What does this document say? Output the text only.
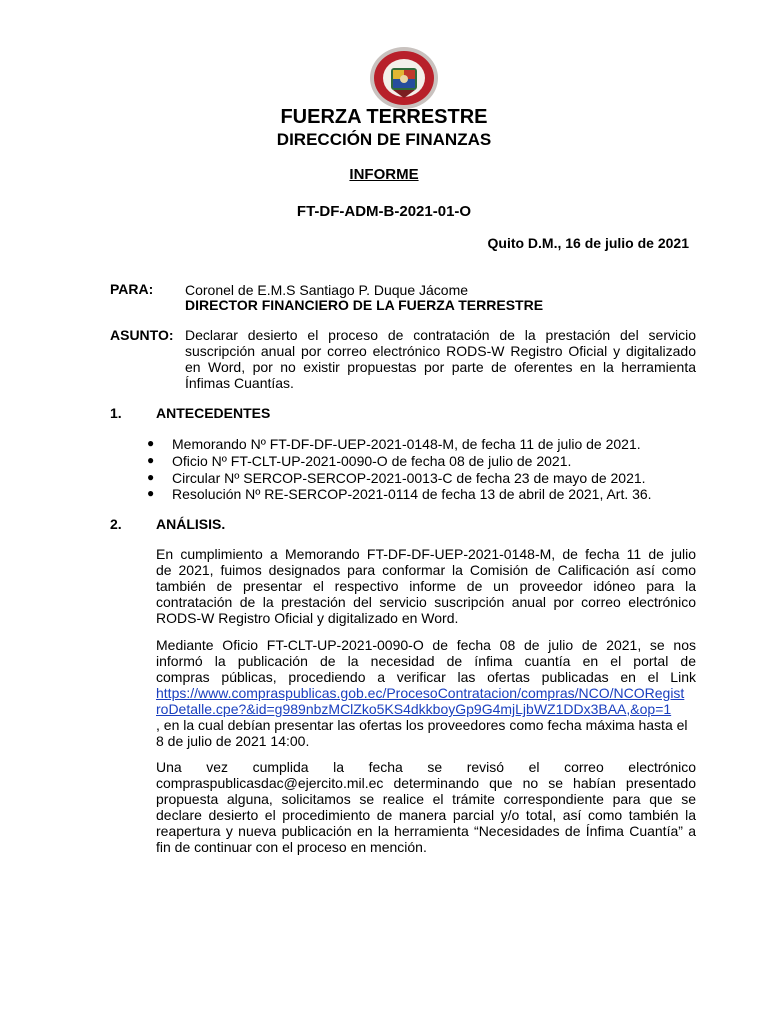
FUERZA TERRESTRE
DIRECCIÓN DE FINANZAS
INFORME
FT-DF-ADM-B-2021-01-O
Quito D.M., 16 de julio de 2021
PARA: Coronel de E.M.S Santiago P. Duque Jácome
DIRECTOR FINANCIERO DE LA FUERZA TERRESTRE
ASUNTO: Declarar desierto el proceso de contratación de la prestación del servicio
suscripción anual por correo electrónico RODS-W Registro Oficial y digitalizado
en Word, por no existir propuestas por parte de oferentes en la herramienta
Ínfimas Cuantías.
1. ANTECEDENTES
● Memorando Nº FT-DF-DF-UEP-2021-0148-M, de fecha 11 de julio de 2021.
● Oficio Nº FT-CLT-UP-2021-0090-O de fecha 08 de julio de 2021.
● Circular Nº SERCOP-SERCOP-2021-0013-C de fecha 23 de mayo de 2021.
● Resolución Nº RE-SERCOP-2021-0114 de fecha 13 de abril de 2021, Art. 36.
2. ANÁLISIS.
En cumplimiento a Memorando FT-DF-DF-UEP-2021-0148-M, de fecha 11 de julio
de 2021, fuimos designados para conformar la Comisión de Calificación así como
también de presentar el respectivo informe de un proveedor idóneo para la
contratación de la prestación del servicio suscripción anual por correo electrónico
RODS-W Registro Oficial y digitalizado en Word.
Mediante Oficio FT-CLT-UP-2021-0090-O de fecha 08 de julio de 2021, se nos
informó la publicación de la necesidad de ínfima cuantía en el portal de
compras públicas, procediendo a verificar las ofertas publicadas en el Link
https://www.compraspublicas.gob.ec/ProcesoContratacion/compras/NCO/NCORegist
roDetalle.cpe?&id=g989nbzMClZko5KS4dkkboyGp9G4mjLjbWZ1DDx3BAA,&op=1
, en la cual debían presentar las ofertas los proveedores como fecha máxima hasta el
8 de julio de 2021 14:00.
Una vez cumplida la fecha se revisó el correo electrónico
compraspublicasdac@ejercito.mil.ec determinando que no se habían presentado
propuesta alguna, solicitamos se realice el trámite correspondiente para que se
declare desierto el procedimiento de manera parcial y/o total, así como también la
reapertura y nueva publicación en la herramienta “Necesidades de Ínfima Cuantía” a
fin de continuar con el proceso en mención.
